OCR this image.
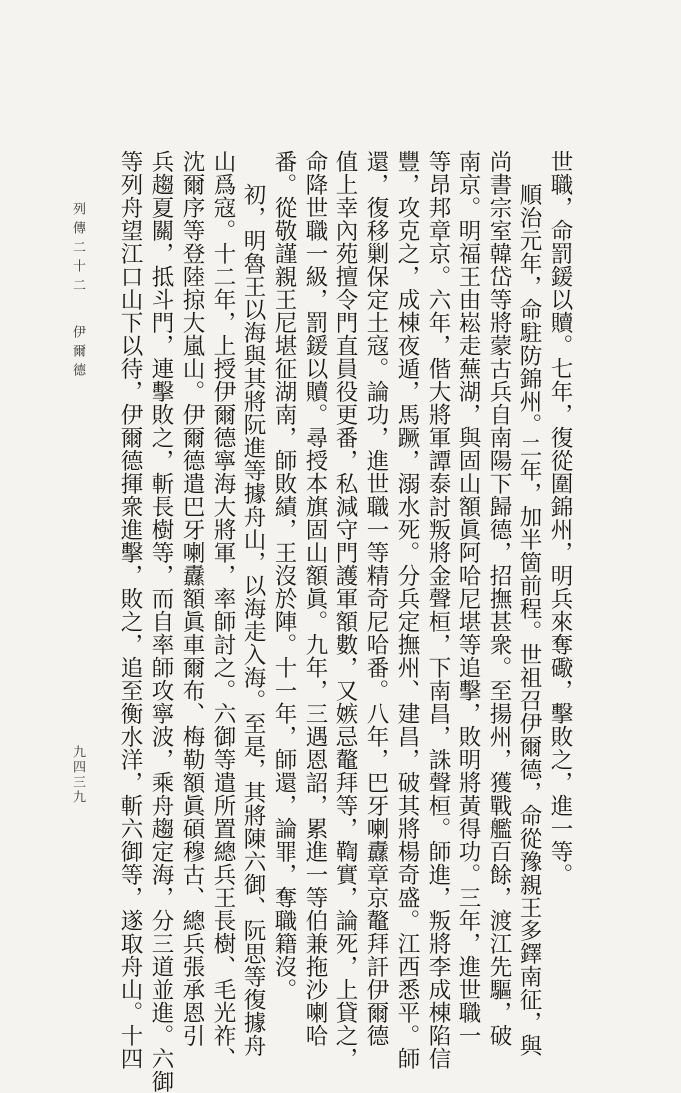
世職，命罰鍰以贖。七年，復從圍錦州，明兵來奪礮，擊敗之，進一等。
順治元年，命駐防錦州。二年，加半箇前程。世祖召伊爾德，命從豫親王多鐸南征，與
尚書宗室韓岱等將蒙古兵自南陽下歸德，招撫甚衆。至揚州，獲戰艦百餘，渡江先驅，破
南京。明福王由崧走蕪湖，與固山額眞阿哈尼堪等追擊，敗明將黃得功。三年，進世職一
等昂邦章京。六年，偕大將軍譚泰討叛將金聲桓，下南昌，誅聲桓。師進，叛將李成棟陷信
豐，攻克之，成棟夜遁，馬蹶，溺水死。分兵定撫州、建昌，破其將楊奇盛。江西悉平。師
還，復移剿保定土寇。論功，進世職一等精奇尼哈番。八年，巴牙喇纛章京鼇拜訐伊爾德
值上幸內苑擅令門直員役更番，私減守門護軍額數，又嫉忌鼇拜等，鞫實，論死，上貸之，
命降世職一級，罰鍰以贖。尋授本旗固山額眞。九年，三遇恩詔，累進一等伯兼拖沙喇哈
番。從敬謹親王尼堪征湖南，師敗績，王沒於陣。十一年，師還，論罪，奪職籍沒。
初，明魯王以海與其將阮進等據舟山，以海走入海。至是，其將陳六御、阮思等復據舟
山爲寇。十二年，上授伊爾德寧海大將軍，率師討之。六御等遣所置總兵王長樹、毛光祚、
沈爾序等登陸掠大嵐山。伊爾德遣巴牙喇纛額眞車爾布、梅勒額眞碩穆古、總兵張承恩引
兵趨夏關，抵斗門，連擊敗之，斬長樹等，而自率師攻寧波，乘舟趨定海，分三道並進。六御
等列舟望江口山下以待，伊爾德揮衆進擊，敗之，追至衡水洋，斬六御等，遂取舟山。十四
列傳二十二
伊爾德
九四三九
